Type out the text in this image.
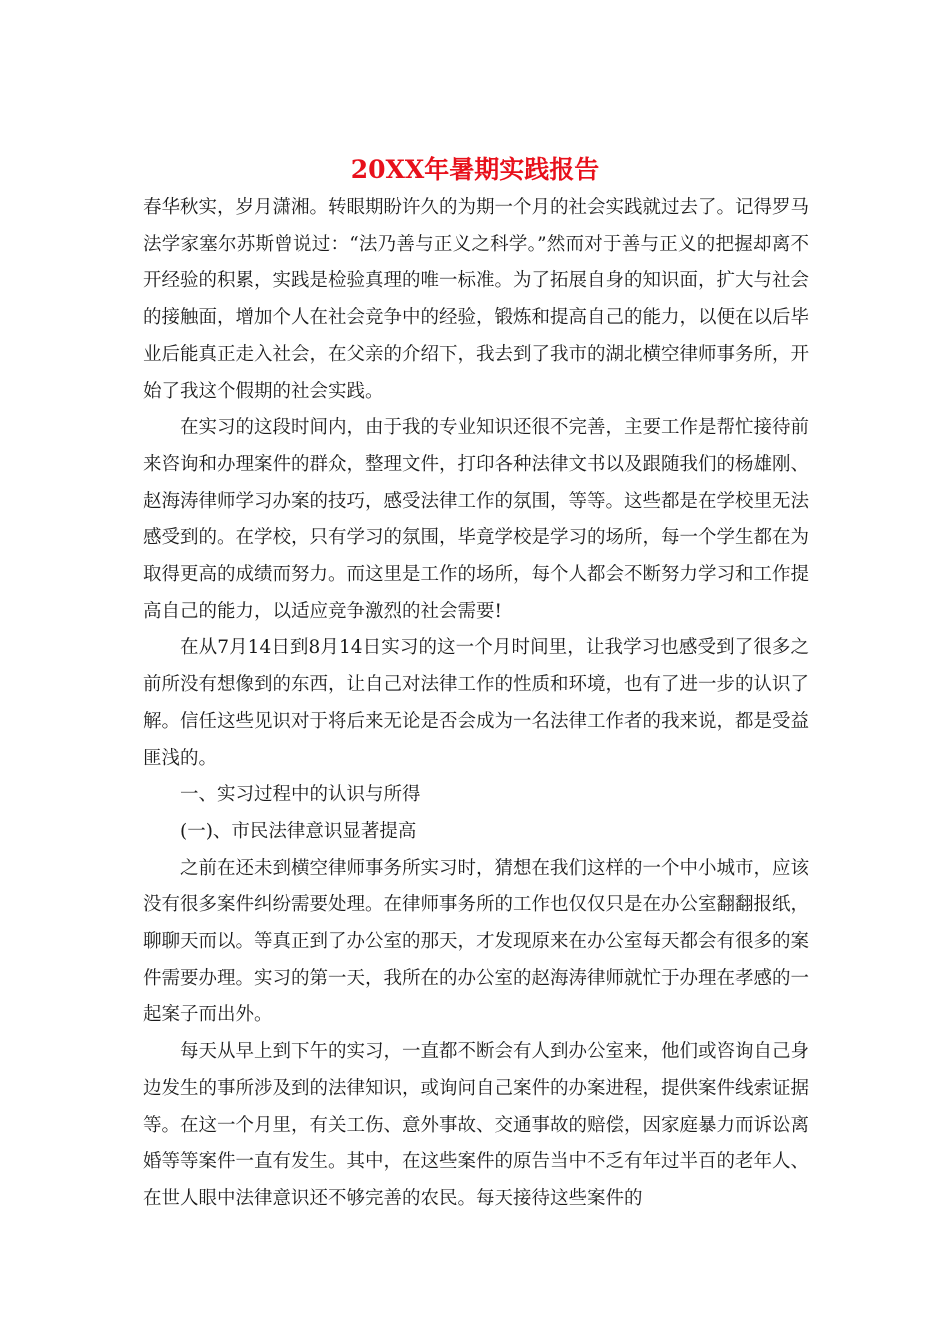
20XX年暑期实践报告

春华秋实，岁月潇湘。转眼期盼许久的为期一个月的社会实践就过去了。记得罗马法学家塞尔苏斯曾说过：“法乃善与正义之科学。”然而对于善与正义的把握却离不开经验的积累，实践是检验真理的唯一标准。为了拓展自身的知识面，扩大与社会的接触面，增加个人在社会竞争中的经验，锻炼和提高自己的能力，以便在以后毕业后能真正走入社会，在父亲的介绍下，我去到了我市的湖北横空律师事务所，开始了我这个假期的社会实践。

在实习的这段时间内，由于我的专业知识还很不完善，主要工作是帮忙接待前来咨询和办理案件的群众，整理文件，打印各种法律文书以及跟随我们的杨雄刚、赵海涛律师学习办案的技巧，感受法律工作的氛围，等等。这些都是在学校里无法感受到的。在学校，只有学习的氛围，毕竟学校是学习的场所，每一个学生都在为取得更高的成绩而努力。而这里是工作的场所，每个人都会不断努力学习和工作提高自己的能力，以适应竞争激烈的社会需要!

在从7月14日到8月14日实习的这一个月时间里，让我学习也感受到了很多之前所没有想像到的东西，让自己对法律工作的性质和环境，也有了进一步的认识了解。信任这些见识对于将后来无论是否会成为一名法律工作者的我来说，都是受益匪浅的。

一、实习过程中的认识与所得

(一)、市民法律意识显著提高

之前在还未到横空律师事务所实习时，猜想在我们这样的一个中小城市，应该没有很多案件纠纷需要处理。在律师事务所的工作也仅仅只是在办公室翻翻报纸，聊聊天而以。等真正到了办公室的那天，才发现原来在办公室每天都会有很多的案件需要办理。实习的第一天，我所在的办公室的赵海涛律师就忙于办理在孝感的一起案子而出外。

每天从早上到下午的实习，一直都不断会有人到办公室来，他们或咨询自己身边发生的事所涉及到的法律知识，或询问自己案件的办案进程，提供案件线索证据等。在这一个月里，有关工伤、意外事故、交通事故的赔偿，因家庭暴力而诉讼离婚等等案件一直有发生。其中，在这些案件的原告当中不乏有年过半百的老年人、在世人眼中法律意识还不够完善的农民。每天接待这些案件的
